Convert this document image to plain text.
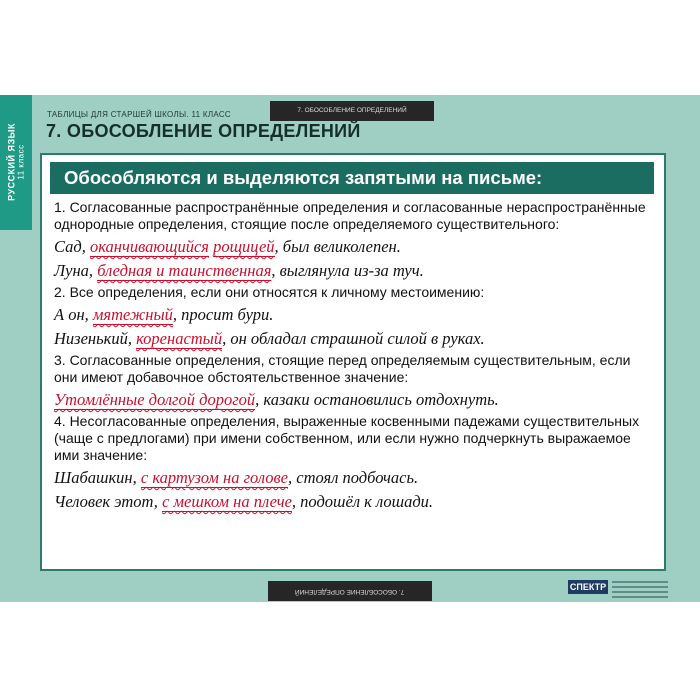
РУССКИЙ ЯЗЫК 11 класс
7. ОБОСОБЛЕНИЕ ОПРЕДЕЛЕНИЙ
ТАБЛИЦЫ ДЛЯ СТАРШЕЙ ШКОЛЫ. 11 КЛАСС
7. ОБОСОБЛЕНИЕ ОПРЕДЕЛЕНИЙ
Обособляются и выделяются запятыми на письме:

1. Согласованные распространённые определения и согласованные нераспространённые однородные определения, стоящие после определяемого существительного:

Сад, оканчивающийся рощицей, был великолепен.
Луна, бледная и таинственная, выглянула из-за туч.

2. Все определения, если они относятся к личному местоимению:

А он, мятежный, просит бури.
Низенький, коренастый, он обладал страшной силой в руках.

3. Согласованные определения, стоящие перед определяемым существительным, если они имеют добавочное обстоятельственное значение:

Утомлённые долгой дорогой, казаки остановились отдохнуть.

4. Несогласованные определения, выраженные косвенными падежами существительных (чаще с предлогами) при имени собственном, или если нужно подчеркнуть выражаемое ими значение:

Шабашкин, с картузом на голове, стоял подбочась.
Человек этот, с мешком на плече, подошёл к лошади.
7. ОБОСОБЛЕНИЕ ОПРЕДЕЛЕНИЙ	СПЕКТР
